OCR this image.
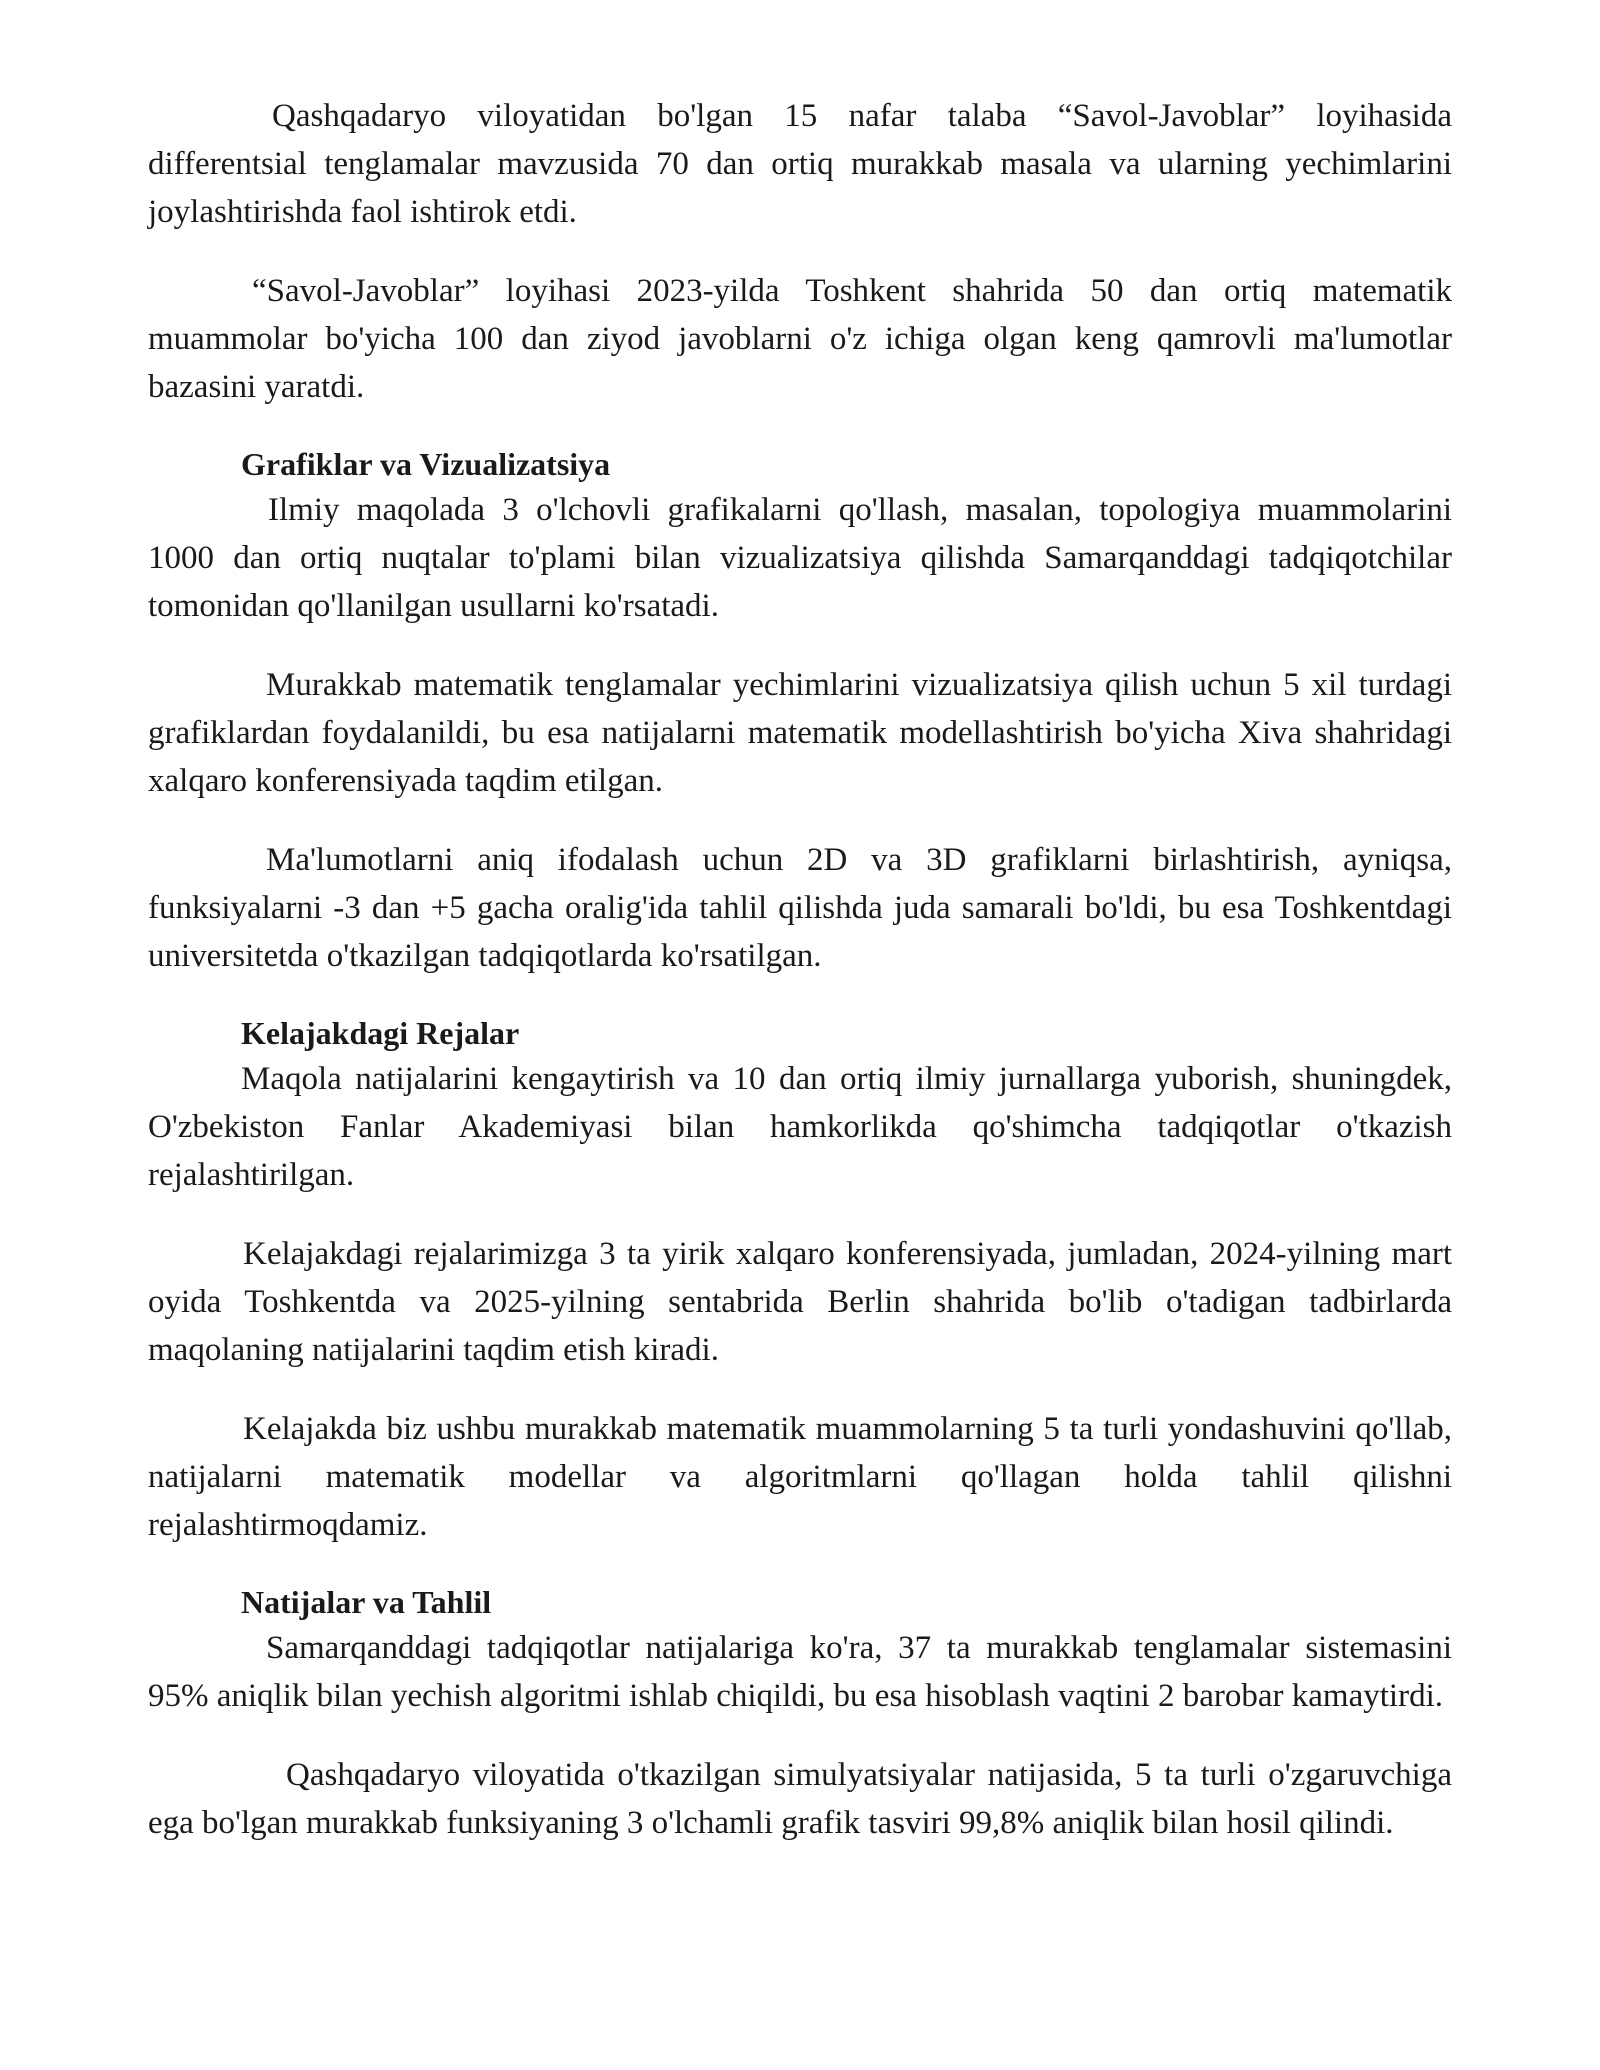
Qashqadaryo viloyatidan bo'lgan 15 nafar talaba “Savol-Javoblar” loyihasida differentsial tenglamalar mavzusida 70 dan ortiq murakkab masala va ularning yechimlarini joylashtirishda faol ishtirok etdi.

“Savol-Javoblar” loyihasi 2023-yilda Toshkent shahrida 50 dan ortiq matematik muammolar bo'yicha 100 dan ziyod javoblarni o'z ichiga olgan keng qamrovli ma'lumotlar bazasini yaratdi.

Grafiklar va Vizualizatsiya

Ilmiy maqolada 3 o'lchovli grafikalarni qo'llash, masalan, topologiya muammolarini 1000 dan ortiq nuqtalar to'plami bilan vizualizatsiya qilishda Samarqanddagi tadqiqotchilar tomonidan qo'llanilgan usullarni ko'rsatadi.

Murakkab matematik tenglamalar yechimlarini vizualizatsiya qilish uchun 5 xil turdagi grafiklardan foydalanildi, bu esa natijalarni matematik modellashtirish bo'yicha Xiva shahridagi xalqaro konferensiyada taqdim etilgan.

Ma'lumotlarni aniq ifodalash uchun 2D va 3D grafiklarni birlashtirish, ayniqsa, funksiyalarni -3 dan +5 gacha oralig'ida tahlil qilishda juda samarali bo'ldi, bu esa Toshkentdagi universitetda o'tkazilgan tadqiqotlarda ko'rsatilgan.

Kelajakdagi Rejalar

Maqola natijalarini kengaytirish va 10 dan ortiq ilmiy jurnallarga yuborish, shuningdek, O'zbekiston Fanlar Akademiyasi bilan hamkorlikda qo'shimcha tadqiqotlar o'tkazish rejalashtirilgan.

Kelajakdagi rejalarimizga 3 ta yirik xalqaro konferensiyada, jumladan, 2024-yilning mart oyida Toshkentda va 2025-yilning sentabrida Berlin shahrida bo'lib o'tadigan tadbirlarda maqolaning natijalarini taqdim etish kiradi.

Kelajakda biz ushbu murakkab matematik muammolarning 5 ta turli yondashuvini qo'llab, natijalarni matematik modellar va algoritmlarni qo'llagan holda tahlil qilishni rejalashtirmoqdamiz.

Natijalar va Tahlil

Samarqanddagi tadqiqotlar natijalariga ko'ra, 37 ta murakkab tenglamalar sistemasini 95% aniqlik bilan yechish algoritmi ishlab chiqildi, bu esa hisoblash vaqtini 2 barobar kamaytirdi.

Qashqadaryo viloyatida o'tkazilgan simulyatsiyalar natijasida, 5 ta turli o'zgaruvchiga ega bo'lgan murakkab funksiyaning 3 o'lchamli grafik tasviri 99,8% aniqlik bilan hosil qilindi.
